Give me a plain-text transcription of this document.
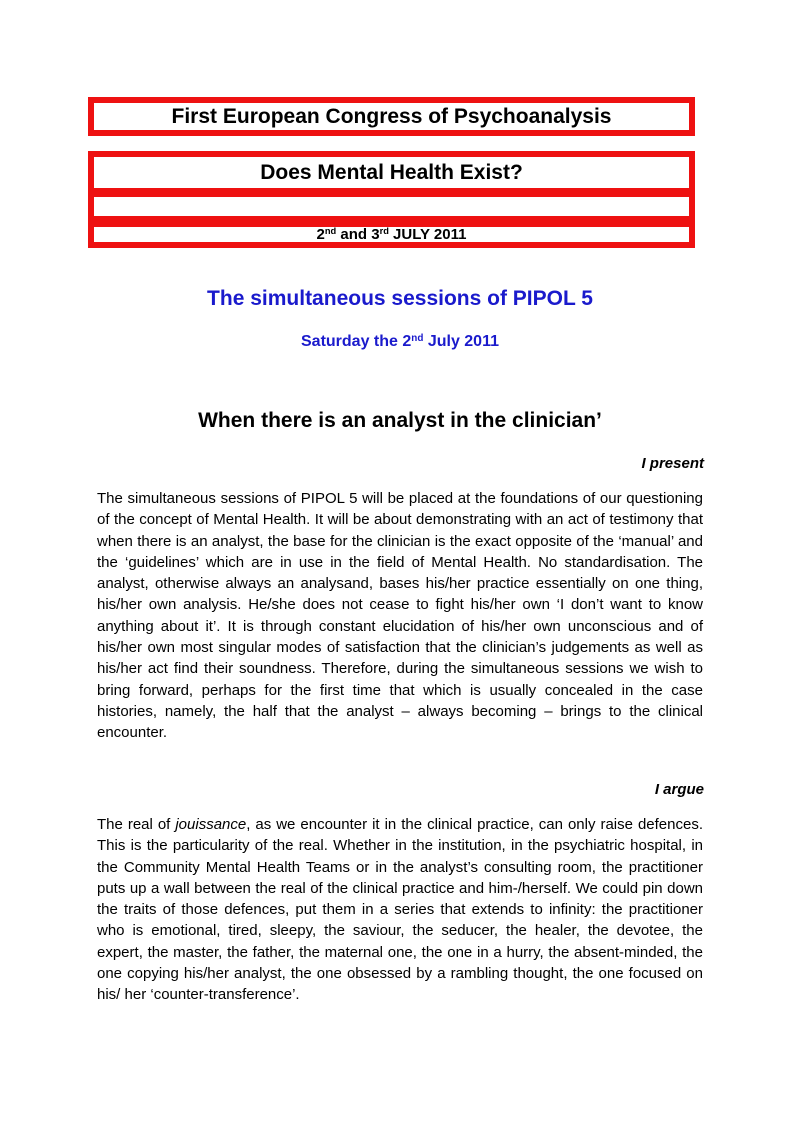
First European Congress of Psychoanalysis
Does Mental Health Exist?
2nd and 3rd JULY 2011
The simultaneous sessions of PIPOL 5
Saturday the 2nd July 2011
When there is an analyst in the clinician’
I present
The simultaneous sessions of PIPOL 5 will be placed at the foundations of our questioning of the concept of Mental Health. It will be about demonstrating with an act of testimony that when there is an analyst, the base for the clinician is the exact opposite of the ‘manual’ and the ‘guidelines’ which are in use in the field of Mental Health. No standardisation. The analyst, otherwise always an analysand, bases his/her practice essentially on one thing, his/her own analysis. He/she does not cease to fight his/her own ‘I don’t want to know anything about it’. It is through constant elucidation of his/her own unconscious and of his/her own most singular modes of satisfaction that the clinician’s judgements as well as his/her act find their soundness. Therefore, during the simultaneous sessions we wish to bring forward, perhaps for the first time that which is usually concealed in the case histories, namely, the half that the analyst – always becoming – brings to the clinical encounter.
I argue
The real of jouissance, as we encounter it in the clinical practice, can only raise defences. This is the particularity of the real. Whether in the institution, in the psychiatric hospital, in the Community Mental Health Teams or in the analyst’s consulting room, the practitioner puts up a wall between the real of the clinical practice and him-/herself. We could pin down the traits of those defences, put them in a series that extends to infinity: the practitioner who is emotional, tired, sleepy, the saviour, the seducer, the healer, the devotee, the expert, the master, the father, the maternal one, the one in a hurry, the absent-minded, the one copying his/her analyst, the one obsessed by a rambling thought, the one focused on his/ her ‘counter-transference’.
